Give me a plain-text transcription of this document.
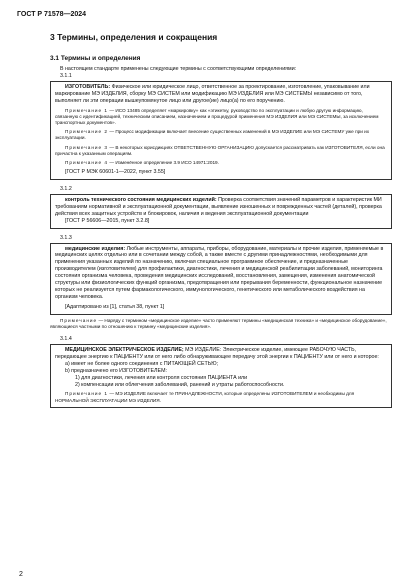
ГОСТ Р 71578—2024
3 Термины, определения и сокращения
3.1 Термины и определения

В настоящем стандарте применены следующие термины с соответствующими определениями:

3.1.1

ИЗГОТОВИТЕЛЬ: Физическое или юридическое лицо, ответственное за проектирование, изготовление, упаковывание или маркирование МЭ ИЗДЕЛИЯ, сборку МЭ СИСТЕМ или модификацию МЭ ИЗДЕЛИЯ или МЭ СИСТЕМЫ независимо от того, выполняет ли эти операции вышеупомянутое лицо или другое(ие) лицо(а) по его поручению.

Примечание 1 — ИСО 13485 определяет «маркировку» как «этикетку, руководство по эксплуатации и любую другую информацию, связанную с идентификацией, техническим описанием, назначением и процедурой применения МЭ ИЗДЕЛИЯ или МЭ СИСТЕМЫ, за исключением транспортных документов».

Примечание 2 — Процесс модификации включает внесение существенных изменений в МЭ ИЗДЕЛИЕ или МЭ СИСТЕМУ уже при их эксплуатации.

Примечание 3 — В некоторых юрисдикциях ОТВЕТСТВЕННУЮ ОРГАНИЗАЦИЮ допускается рассматривать как ИЗГОТОВИТЕЛЯ, если она причастна к указанным операциям.

Примечание 4 — Изменённое определение 3.9 ИСО 14971:2019.

[ГОСТ Р МЭК 60601-1—2022, пункт 3.55]

3.1.2

контроль технического состояния медицинских изделий: Проверка соответствия значений параметров и характеристик МИ требованиям нормативной и эксплуатационной документации, выявление изношенных и поврежденных частей (деталей), проверка действия всех защитных устройств и блокировок, наличия и ведения эксплуатационной документации

[ГОСТ Р 56606—2015, пункт 3.2.8]

3.1.3

медицинские изделия: Любые инструменты, аппараты, приборы, оборудование, материалы и прочие изделия, применяемые в медицинских целях отдельно или в сочетании между собой, а также вместе с другими принадлежностями, необходимыми для применения указанных изделий по назначению, включая специальное программное обеспечение, и предназначенные производителем (изготовителем) для профилактики, диагностики, лечения и медицинской реабилитации заболеваний, мониторинга состояния организма человека, проведения медицинских исследований, восстановления, замещения, изменения анатомической структуры или физиологических функций организма, предотвращения или прерывания беременности, функциональное назначение которых не реализуется путем фармакологического, иммунологического, генетического или метаболического воздействия на организм человека.

[Адаптировано из [1], статья 38, пункт 1]

Примечание — Наряду с термином «медицинское изделие» часто применяют термины «медицинская техника» и «медицинское оборудование», являющиеся частными по отношению к термину «медицинские изделия».

3.1.4

МЕДИЦИНСКОЕ ЭЛЕКТРИЧЕСКОЕ ИЗДЕЛИЕ; МЭ ИЗДЕЛИЕ: Электрическое изделие, имеющее РАБОЧУЮ ЧАСТЬ, передающее энергию к ПАЦИЕНТУ или от него либо обнаруживающее передачу этой энергии к ПАЦИЕНТУ или от него и которое:

a) имеет не более одного соединения с ПИТАЮЩЕЙ СЕТЬЮ;

b) предназначено его ИЗГОТОВИТЕЛЕМ:

1) для диагностики, лечения или контроля состояния ПАЦИЕНТА или

2) компенсации или облегчения заболеваний, ранений и утраты работоспособности.

Примечание 1 — МЭ ИЗДЕЛИЕ включает те ПРИНАДЛЕЖНОСТИ, которые определены ИЗГОТОВИТЕЛЕМ и необходимы для НОРМАЛЬНОЙ ЭКСПЛУАТАЦИИ МЭ ИЗДЕЛИЯ.

2
